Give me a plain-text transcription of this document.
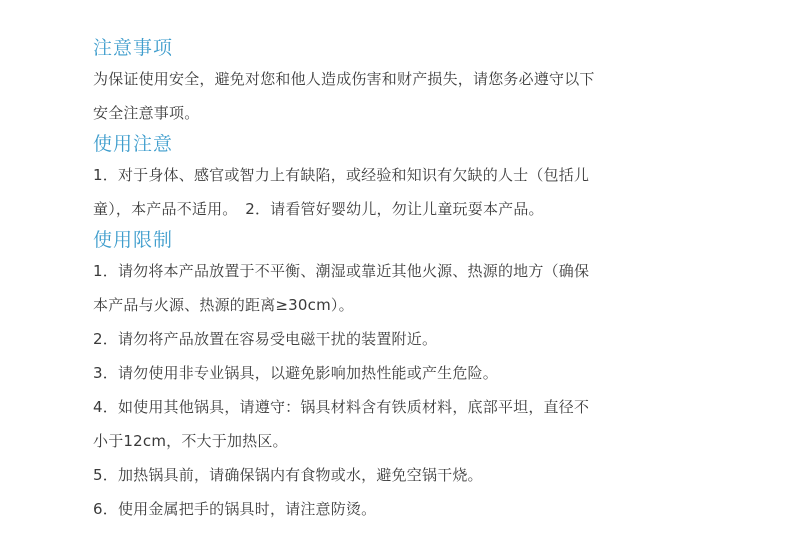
注意事项

为保证使用安全，避免对您和他人造成伤害和财产损失，请您务必遵守以下
安全注意事项。

使用注意

1．对于身体、感官或智力上有缺陷，或经验和知识有欠缺的人士（包括儿
童），本产品不适用。　2．请看管好婴幼儿，勿让儿童玩耍本产品。

使用限制

1．请勿将本产品放置于不平衡、潮湿或靠近其他火源、热源的地方（确保
本产品与火源、热源的距离≥30cm）。
2．请勿将产品放置在容易受电磁干扰的装置附近。
3．请勿使用非专业锅具，以避免影响加热性能或产生危险。
4．如使用其他锅具，请遵守：锅具材料含有铁质材料，底部平坦，直径不
小于12cm，不大于加热区。
5．加热锅具前，请确保锅内有食物或水，避免空锅干烧。
6．使用金属把手的锅具时，请注意防烫。
